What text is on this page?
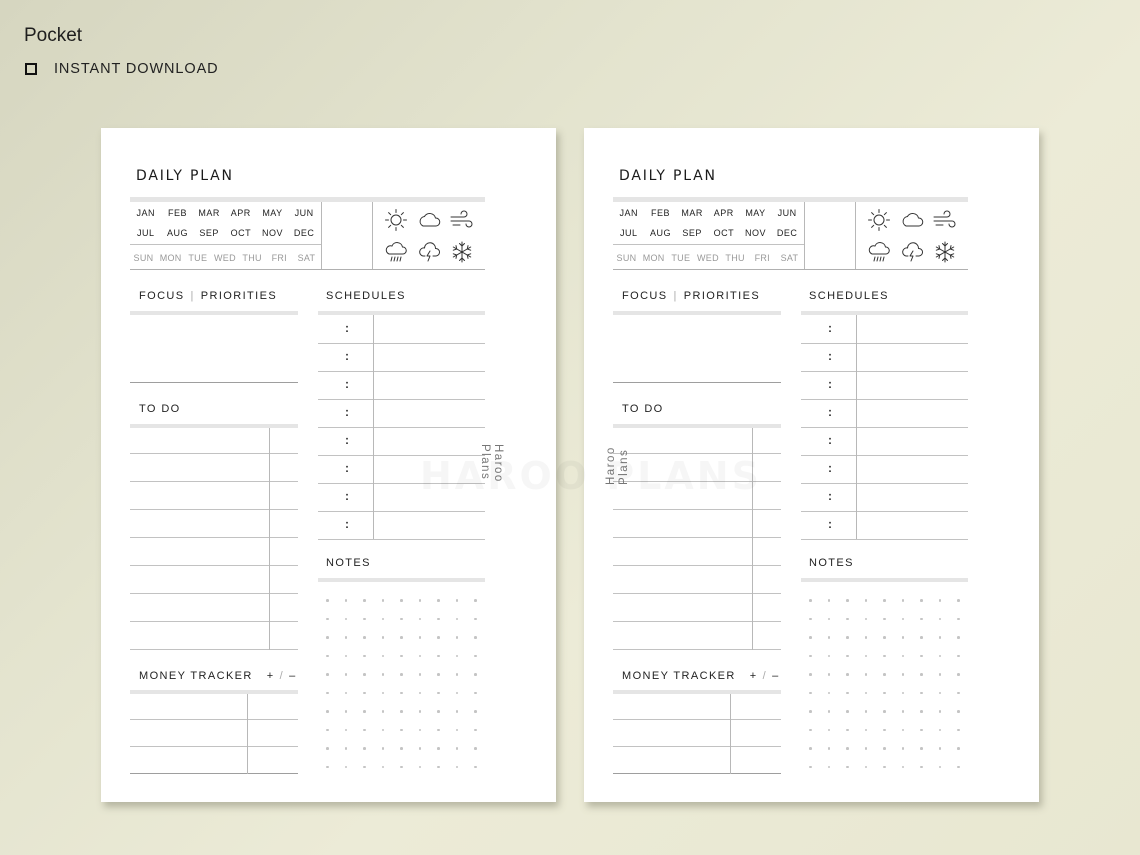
Pocket
INSTANT DOWNLOAD
DAILY PLAN
JAN	FEB	MAR	APR	MAY	JUN
JUL	AUG	SEP	OCT	NOV	DEC
SUN MON TUE WED THU	FRI	SAT
FOCUS | PRIORITIES	SCHEDULES
:
:
:
:
:
:
:
:
TO DO
NOTES
MONEY TRACKER + / –
Haroo
Plans
DAILY PLAN
JAN	FEB	MAR	APR	MAY	JUN
JUL	AUG	SEP	OCT	NOV	DEC
SUN MON TUE WED THU	FRI	SAT
FOCUS | PRIORITIES	SCHEDULES
:
:
:
:
:
:
:
:
TO DO
NOTES
MONEY TRACKER + / –
Haroo Plans
